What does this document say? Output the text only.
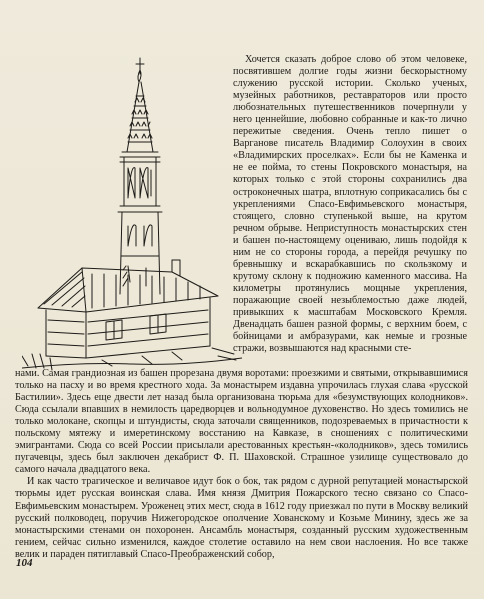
Хочется сказать доброе слово об этом человеке, посвятившем долгие годы жизни бескорыстному служению русской истории. Сколько ученых, музейных работников, реставраторов или просто любознательных путешественников почерпнули у него ценнейшие, любовно собранные и как-то лично пережитые сведения. Очень тепло пишет о Варганове писатель Владимир Солоухин в своих «Владимирских проселках». Если бы не Каменка и не ее пойма, то стены Покровского монастыря, на которых только с этой стороны сохранились два остроконечных шатра, вплотную соприкасались бы с укреплениями Спасо-Евфимьевского монастыря, стоящего, словно ступенькой выше, на крутом речном обрыве. Неприступность монастырских стен и башен по-настоящему оцениваю, лишь подойдя к ним не со стороны города, а перейдя речушку по бревнышку и вскарабкавшись по скользкому и крутому склону к подножию каменного массива. На километры протянулись мощные укрепления, поражающие своей незыблемостью даже людей, привыкших к масштабам Московского Кремля. Двенадцать башен разной формы, с верхним боем, с бойницами и амбразурами, как немые и грозные стражи, возвышаются над красными сте-

нами. Самая грандиозная из башен прорезана двумя воротами: проезжими и святыми, открывавшимися только на пасху и во время крестного хода. За монастырем издавна упрочилась глухая слава «русской Бастилии». Здесь еще двести лет назад была организована тюрьма для «безумствующих колодников». Сюда ссылали впавших в немилость царедворцев и вольнодумное духовенство. Но здесь томились не только молокане, скопцы и штундисты, сюда заточали священников, подозреваемых в причастности к польскому мятежу и имеретинскому восстанию на Кавказе, в сношениях с политическими эмигрантами. Сюда со всей России присылали арестованных крестьян-«колодников», здесь томились пугачевцы, здесь был заключен декабрист Ф. П. Шаховской. Страшное узилище существовало до самого начала двадцатого века.

И как часто трагическое и величавое идут бок о бок, так рядом с дурной репутацией монастырской тюрьмы идет русская воинская слава. Имя князя Дмитрия Пожарского тесно связано со Спасо-Евфимьевским монастырем. Уроженец этих мест, сюда в 1612 году приезжал по пути в Москву великий русский полководец, поручив Нижегородское ополчение Хованскому и Козьме Минину, здесь же за монастырскими стенами он похоронен. Ансамбль монастыря, созданный русским художественным гением, сейчас сильно изменился, каждое столетие оставило на нем свои наслоения. Но все также велик и параден пятиглавый Спасо-Преображенский собор,

104
